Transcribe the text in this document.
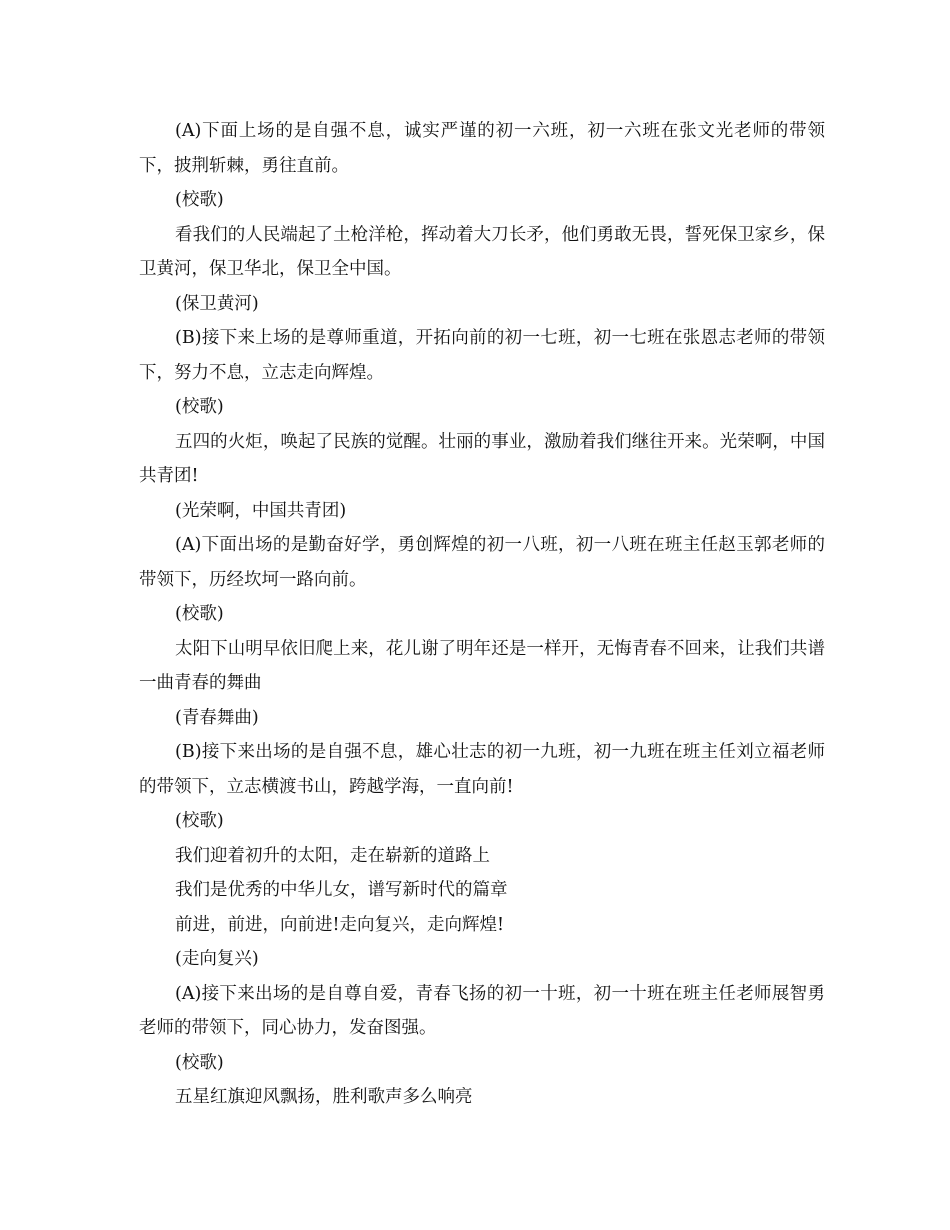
(A)下面上场的是自强不息，诚实严谨的初一六班，初一六班在张文光老师的带领下，披荆斩棘，勇往直前。

(校歌)

看我们的人民端起了土枪洋枪，挥动着大刀长矛，他们勇敢无畏，誓死保卫家乡，保卫黄河，保卫华北，保卫全中国。

(保卫黄河)

(B)接下来上场的是尊师重道，开拓向前的初一七班，初一七班在张恩志老师的带领下，努力不息，立志走向辉煌。

(校歌)

五四的火炬，唤起了民族的觉醒。壮丽的事业，激励着我们继往开来。光荣啊，中国共青团!

(光荣啊，中国共青团)

(A)下面出场的是勤奋好学，勇创辉煌的初一八班，初一八班在班主任赵玉郭老师的带领下，历经坎坷一路向前。

(校歌)

太阳下山明早依旧爬上来，花儿谢了明年还是一样开，无悔青春不回来，让我们共谱一曲青春的舞曲

(青春舞曲)

(B)接下来出场的是自强不息，雄心壮志的初一九班，初一九班在班主任刘立福老师的带领下，立志横渡书山，跨越学海，一直向前!

(校歌)

我们迎着初升的太阳，走在崭新的道路上

我们是优秀的中华儿女，谱写新时代的篇章

前进，前进，向前进!走向复兴，走向辉煌!

(走向复兴)

(A)接下来出场的是自尊自爱，青春飞扬的初一十班，初一十班在班主任老师展智勇老师的带领下，同心协力，发奋图强。

(校歌)

五星红旗迎风飘扬，胜利歌声多么响亮
